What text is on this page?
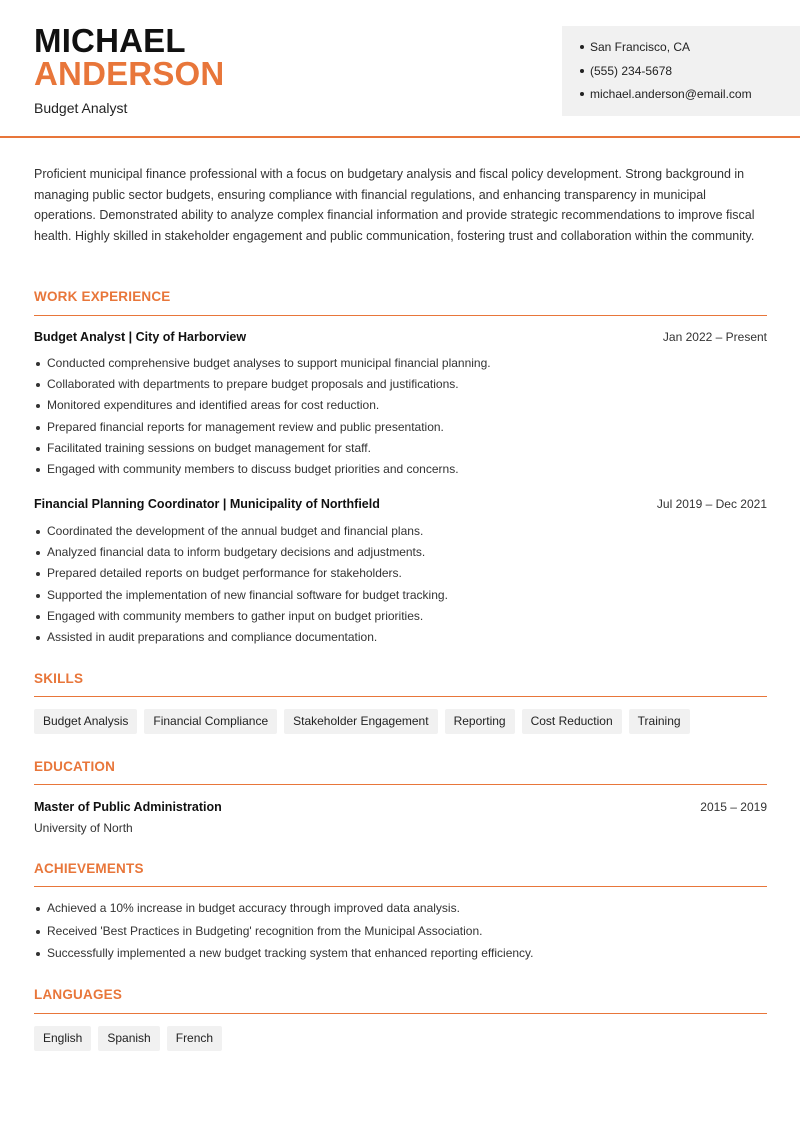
MICHAEL
ANDERSON
Budget Analyst
San Francisco, CA
(555) 234-5678
michael.anderson@email.com

Proficient municipal finance professional with a focus on budgetary analysis and fiscal policy development. Strong background in managing public sector budgets, ensuring compliance with financial regulations, and enhancing transparency in municipal operations. Demonstrated ability to analyze complex financial information and provide strategic recommendations to improve fiscal health. Highly skilled in stakeholder engagement and public communication, fostering trust and collaboration within the community.

WORK EXPERIENCE
Budget Analyst | City of Harborview	Jan 2022 – Present
Conducted comprehensive budget analyses to support municipal financial planning.
Collaborated with departments to prepare budget proposals and justifications.
Monitored expenditures and identified areas for cost reduction.
Prepared financial reports for management review and public presentation.
Facilitated training sessions on budget management for staff.
Engaged with community members to discuss budget priorities and concerns.
Financial Planning Coordinator | Municipality of Northfield	Jul 2019 – Dec 2021
Coordinated the development of the annual budget and financial plans.
Analyzed financial data to inform budgetary decisions and adjustments.
Prepared detailed reports on budget performance for stakeholders.
Supported the implementation of new financial software for budget tracking.
Engaged with community members to gather input on budget priorities.
Assisted in audit preparations and compliance documentation.
SKILLS
Budget Analysis	Financial Compliance	Stakeholder Engagement	Reporting	Cost Reduction	Training
EDUCATION
Master of Public Administration	2015 – 2019
University of North
ACHIEVEMENTS
Achieved a 10% increase in budget accuracy through improved data analysis.
Received 'Best Practices in Budgeting' recognition from the Municipal Association.
Successfully implemented a new budget tracking system that enhanced reporting efficiency.
LANGUAGES
English	Spanish	French
